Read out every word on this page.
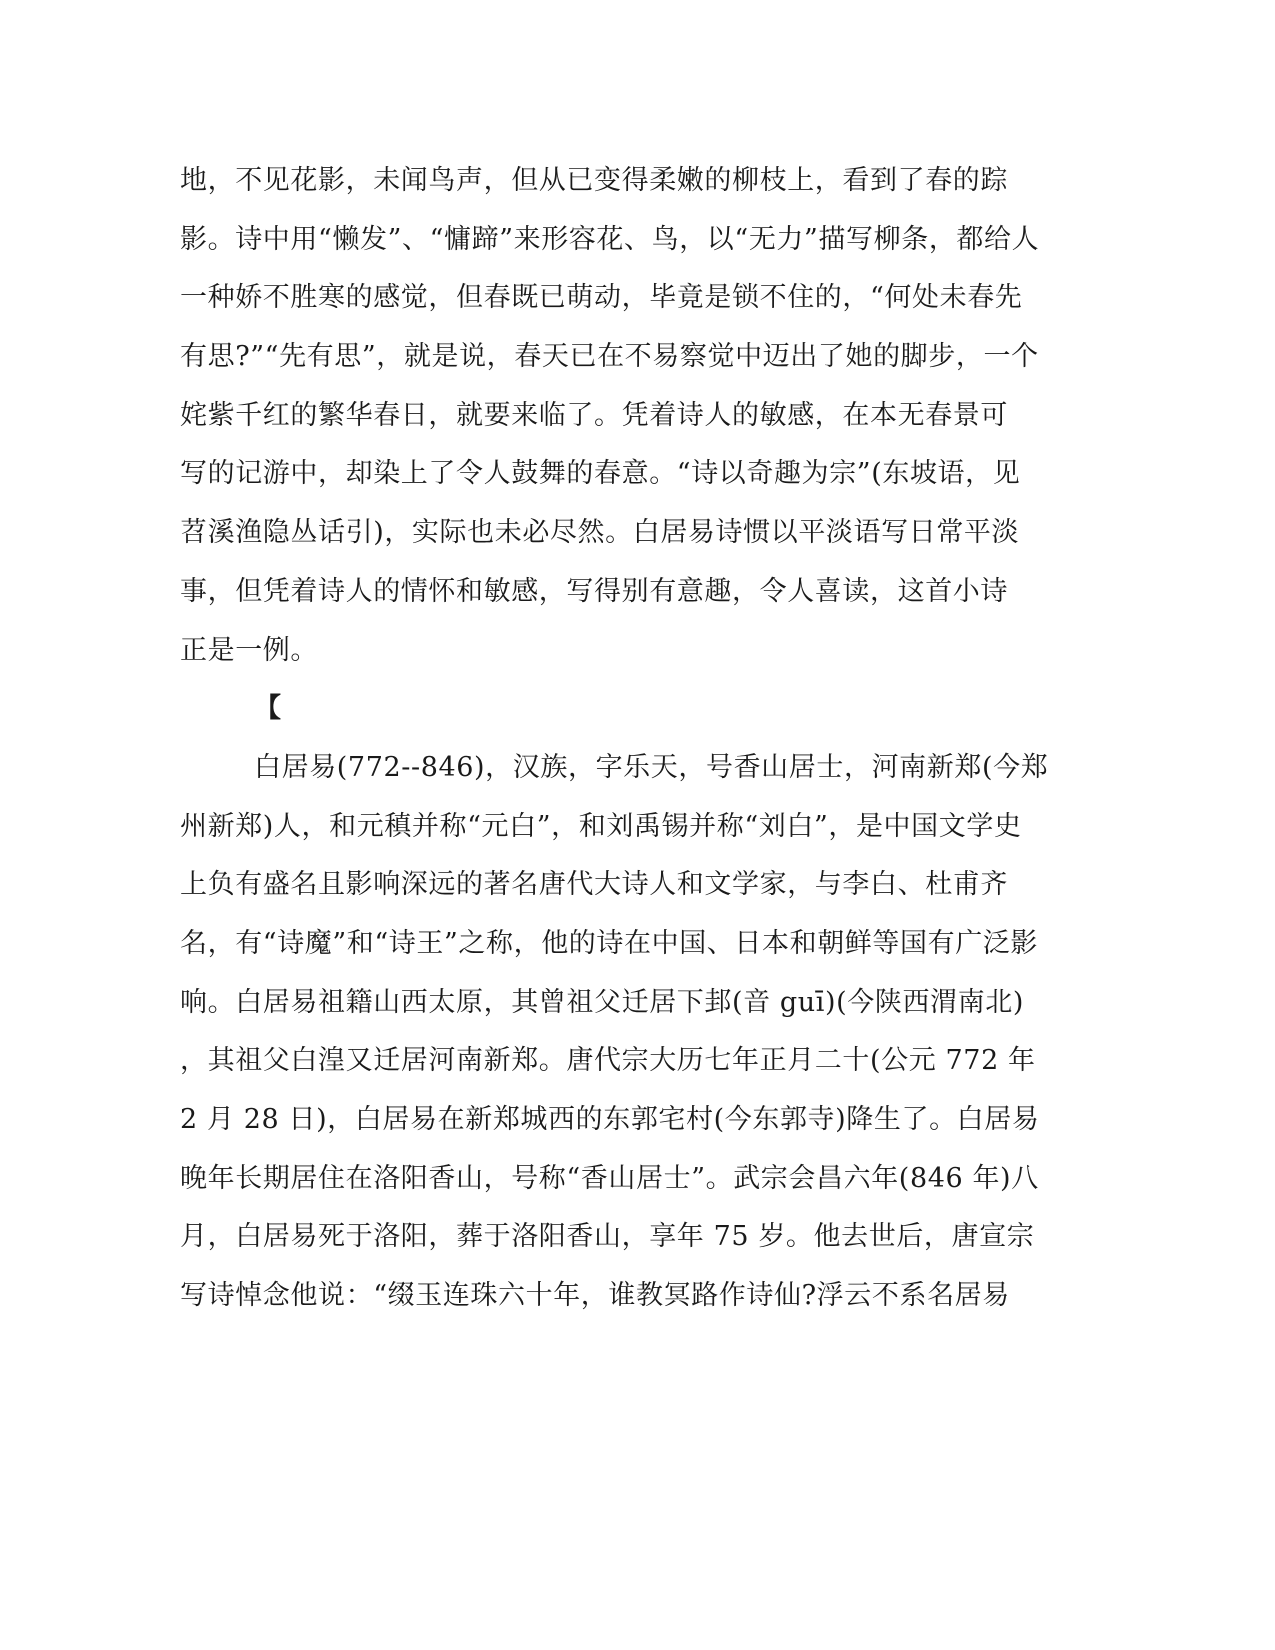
地，不见花影，未闻鸟声，但从已变得柔嫩的柳枝上，看到了春的踪
影。诗中用“懒发”、“慵蹄”来形容花、鸟，以“无力”描写柳条，都给人
一种娇不胜寒的感觉，但春既已萌动，毕竟是锁不住的，“何处未春先
有思?”“先有思”，就是说，春天已在不易察觉中迈出了她的脚步，一个
姹紫千红的繁华春日，就要来临了。凭着诗人的敏感，在本无春景可
写的记游中，却染上了令人鼓舞的春意。“诗以奇趣为宗”(东坡语，见
苕溪渔隐丛话引)，实际也未必尽然。白居易诗惯以平淡语写日常平淡
事，但凭着诗人的情怀和敏感，写得别有意趣，令人喜读，这首小诗
正是一例。
【
白居易(772--846)，汉族，字乐天，号香山居士，河南新郑(今郑
州新郑)人，和元稹并称“元白”，和刘禹锡并称“刘白”，是中国文学史
上负有盛名且影响深远的著名唐代大诗人和文学家，与李白、杜甫齐
名，有“诗魔”和“诗王”之称，他的诗在中国、日本和朝鲜等国有广泛影
响。白居易祖籍山西太原，其曾祖父迁居下邽(音 guī)(今陕西渭南北)
，其祖父白湟又迁居河南新郑。唐代宗大历七年正月二十(公元 772 年
2 月 28 日)，白居易在新郑城西的东郭宅村(今东郭寺)降生了。白居易
晚年长期居住在洛阳香山，号称“香山居士”。武宗会昌六年(846 年)八
月，白居易死于洛阳，葬于洛阳香山，享年 75 岁。他去世后，唐宣宗
写诗悼念他说：“缀玉连珠六十年，谁教冥路作诗仙?浮云不系名居易
